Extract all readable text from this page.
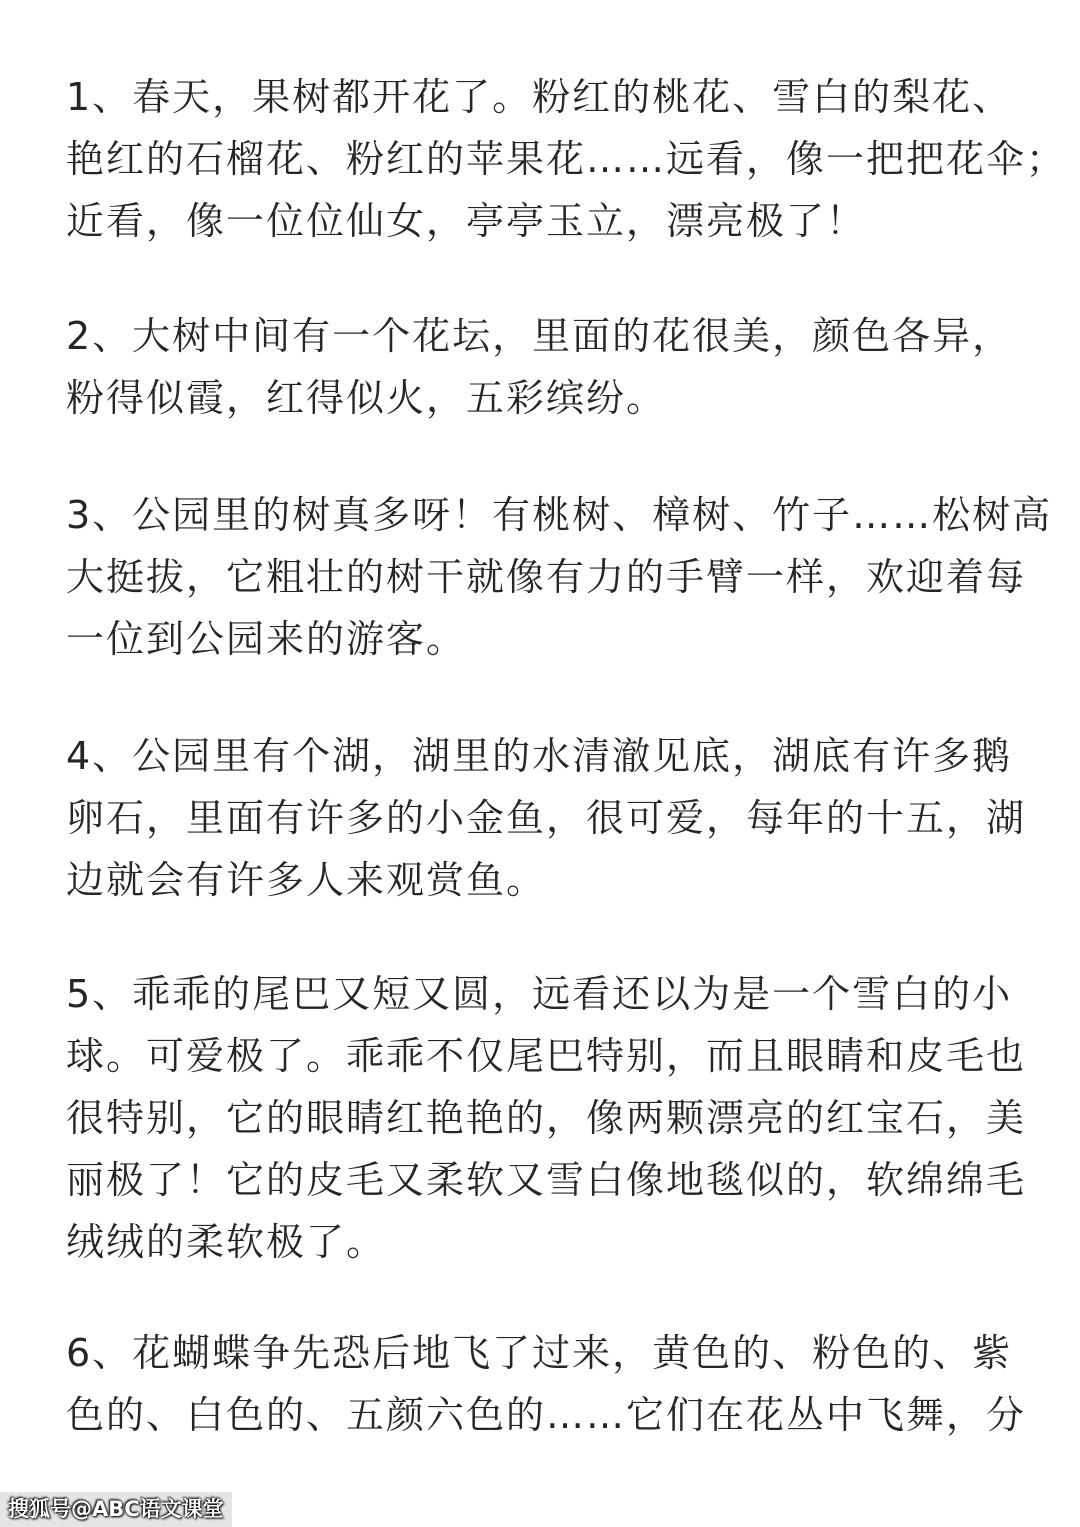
1、春天，果树都开花了。粉红的桃花、雪白的梨花、
艳红的石榴花、粉红的苹果花……远看，像一把把花伞；
近看，像一位位仙女，亭亭玉立，漂亮极了！
2、大树中间有一个花坛，里面的花很美，颜色各异，
粉得似霞，红得似火，五彩缤纷。
3、公园里的树真多呀！有桃树、樟树、竹子……松树高
大挺拔，它粗壮的树干就像有力的手臂一样，欢迎着每
一位到公园来的游客。
4、公园里有个湖，湖里的水清澈见底，湖底有许多鹅
卵石，里面有许多的小金鱼，很可爱，每年的十五，湖
边就会有许多人来观赏鱼。
5、乖乖的尾巴又短又圆，远看还以为是一个雪白的小
球。可爱极了。乖乖不仅尾巴特别，而且眼睛和皮毛也
很特别，它的眼睛红艳艳的，像两颗漂亮的红宝石，美
丽极了！它的皮毛又柔软又雪白像地毯似的，软绵绵毛
绒绒的柔软极了。
6、花蝴蝶争先恐后地飞了过来，黄色的、粉色的、紫
色的、白色的、五颜六色的……它们在花丛中飞舞，分
搜狐号@ABC语文课堂
